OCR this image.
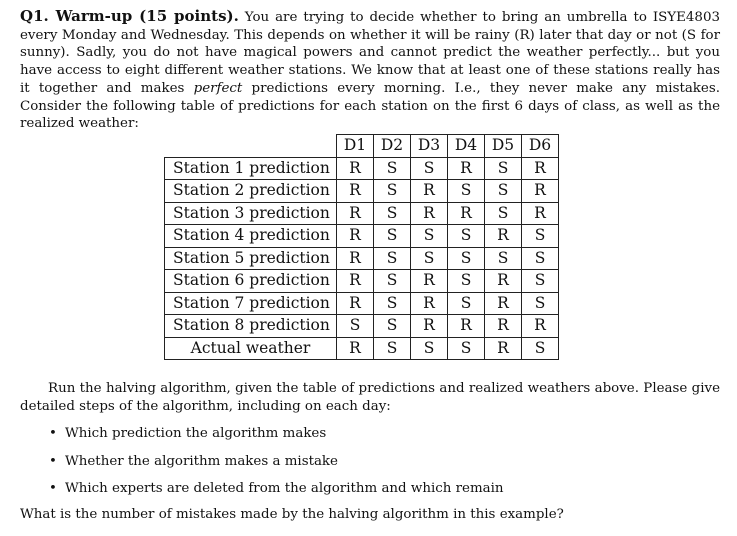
Q1. Warm-up (15 points). You are trying to decide whether to bring an umbrella to ISYE4803 every Monday and Wednesday. This depends on whether it will be rainy (R) later that day or not (S for sunny). Sadly, you do not have magical powers and cannot predict the weather perfectly... but you have access to eight different weather stations. We know that at least one of these stations really has it together and makes perfect predictions every morning. I.e., they never make any mistakes. Consider the following table of predictions for each station on the first 6 days of class, as well as the realized weather:
	D1	D2	D3	D4	D5	D6
Station 1 prediction	R	S	S	R	S	R
Station 2 prediction	R	S	R	S	S	R
Station 3 prediction	R	S	R	R	S	R
Station 4 prediction	R	S	S	S	R	S
Station 5 prediction	R	S	S	S	S	S
Station 6 prediction	R	S	R	S	R	S
Station 7 prediction	R	S	R	S	R	S
Station 8 prediction	S	S	R	R	R	R
Actual weather	R	S	S	S	R	S

Run the halving algorithm, given the table of predictions and realized weathers above. Please give detailed steps of the algorithm, including on each day:

• Which prediction the algorithm makes
• Whether the algorithm makes a mistake
• Which experts are deleted from the algorithm and which remain

What is the number of mistakes made by the halving algorithm in this example?
